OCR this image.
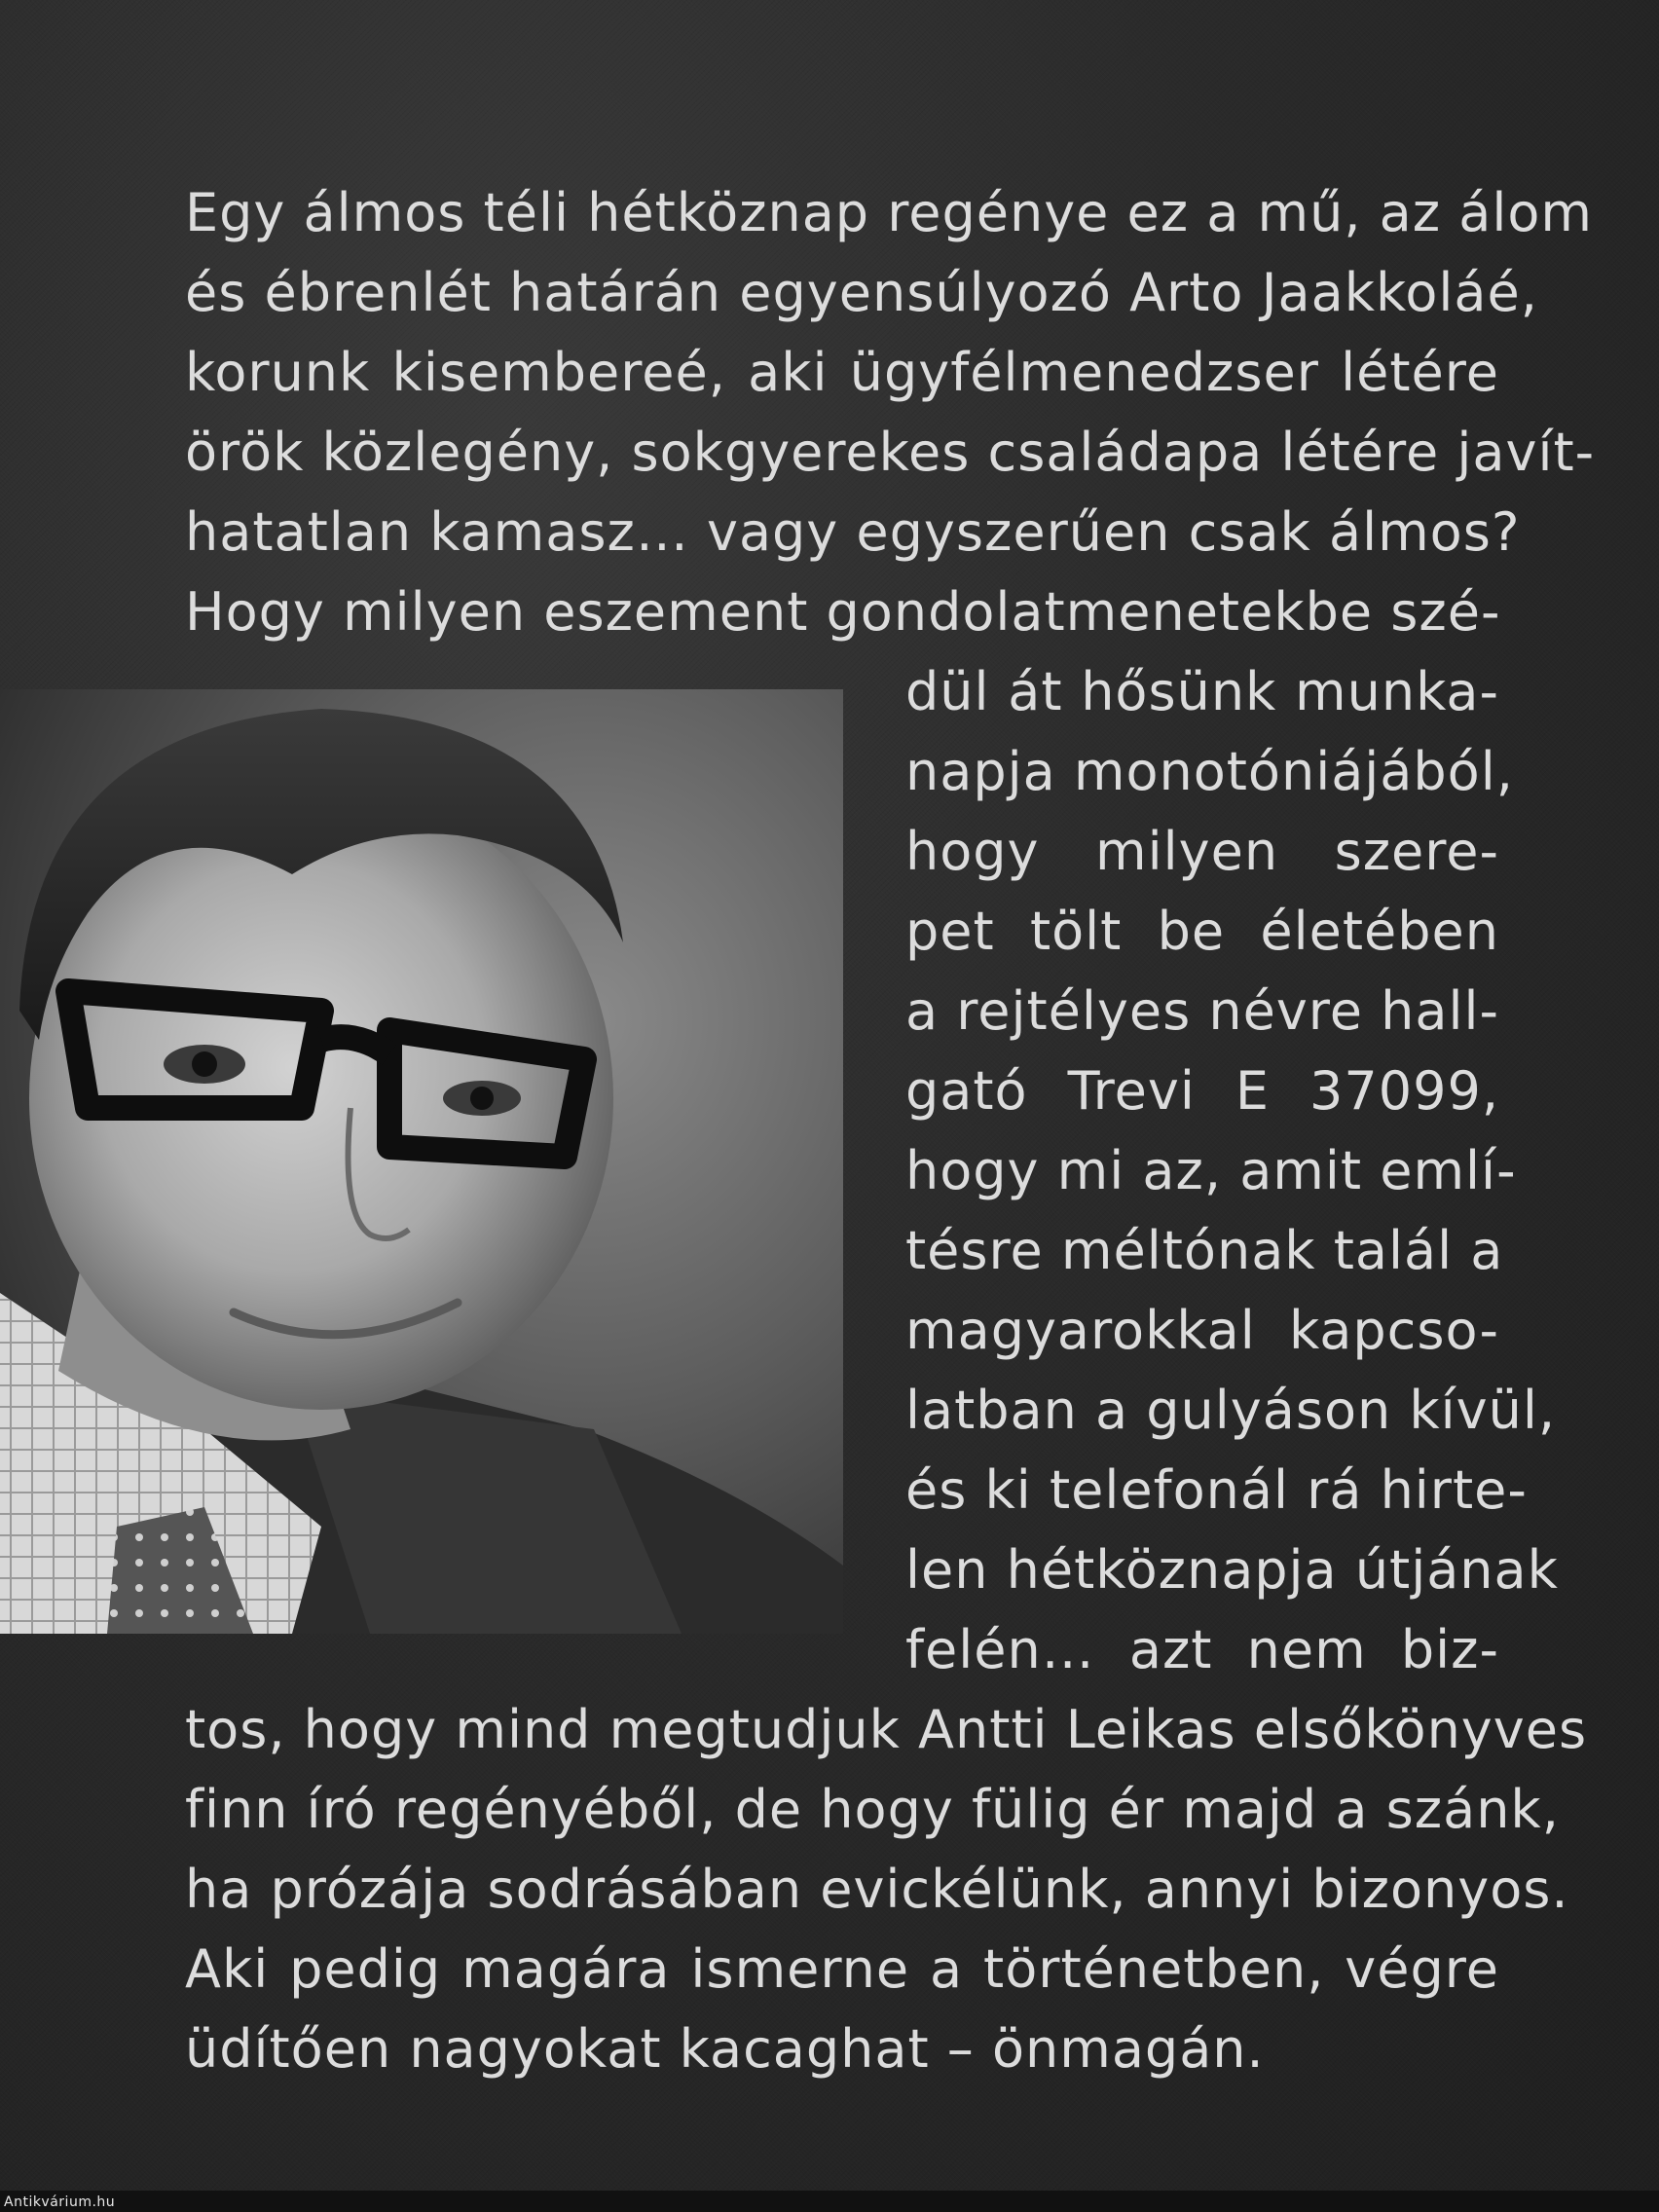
Egy álmos téli hétköznap regénye ez a mű, az álom
és ébrenlét határán egyensúlyozó Arto Jaakkoláé,
korunk kisembereé, aki ügyfélmenedzser létére
örök közlegény, sokgyerekes családapa létére javít-
hatatlan kamasz… vagy egyszerűen csak álmos?
Hogy milyen eszement gondolatmenetekbe szé-
dül át hősünk munka-
napja monotóniájából,
hogy milyen szere-
pet tölt be életében
a rejtélyes névre hall-
gató Trevi E 37099,
hogy mi az, amit emlí-
tésre méltónak talál a
magyarokkal kapcso-
latban a gulyáson kívül,
és ki telefonál rá hirte-
len hétköznapja útjának
felén… azt nem biz-
tos, hogy mind megtudjuk Antti Leikas elsőkönyves
finn író regényéből, de hogy fülig ér majd a szánk,
ha prózája sodrásában evickélünk, annyi bizonyos.
Aki pedig magára ismerne a történetben, végre
üdítően nagyokat kacaghat – önmagán.
Antikvárium.hu
